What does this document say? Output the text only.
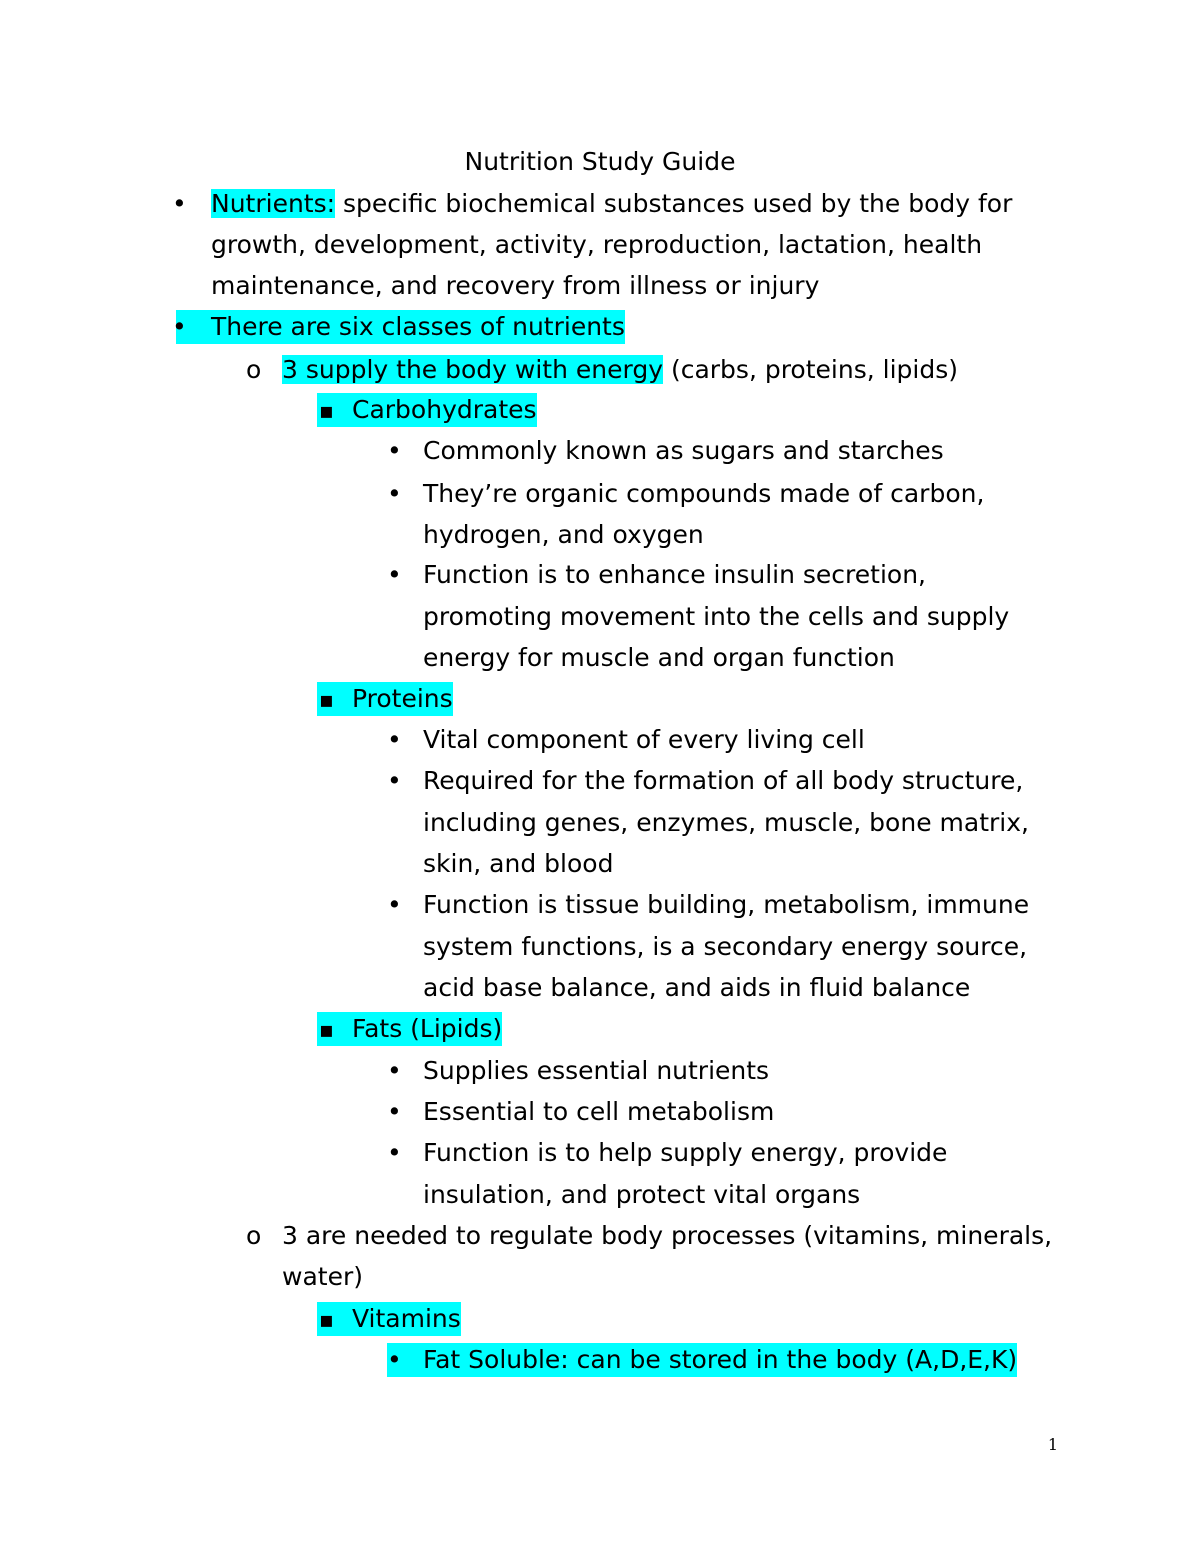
Nutrition Study Guide
•
Nutrients: specific biochemical substances used by the body for
growth, development, activity, reproduction, lactation, health
maintenance, and recovery from illness or injury
•
There are six classes of nutrients
o
3 supply the body with energy (carbs, proteins, lipids)
▪
Carbohydrates
•
Commonly known as sugars and starches
•
They’re organic compounds made of carbon,
hydrogen, and oxygen
•
Function is to enhance insulin secretion,
promoting movement into the cells and supply
energy for muscle and organ function
▪
Proteins
•
Vital component of every living cell
•
Required for the formation of all body structure,
including genes, enzymes, muscle, bone matrix,
skin, and blood
•
Function is tissue building, metabolism, immune
system functions, is a secondary energy source,
acid base balance, and aids in fluid balance
▪
Fats (Lipids)
•
Supplies essential nutrients
•
Essential to cell metabolism
•
Function is to help supply energy, provide
insulation, and protect vital organs
o
3 are needed to regulate body processes (vitamins, minerals,
water)
▪
Vitamins
•
Fat Soluble: can be stored in the body (A,D,E,K)
1
